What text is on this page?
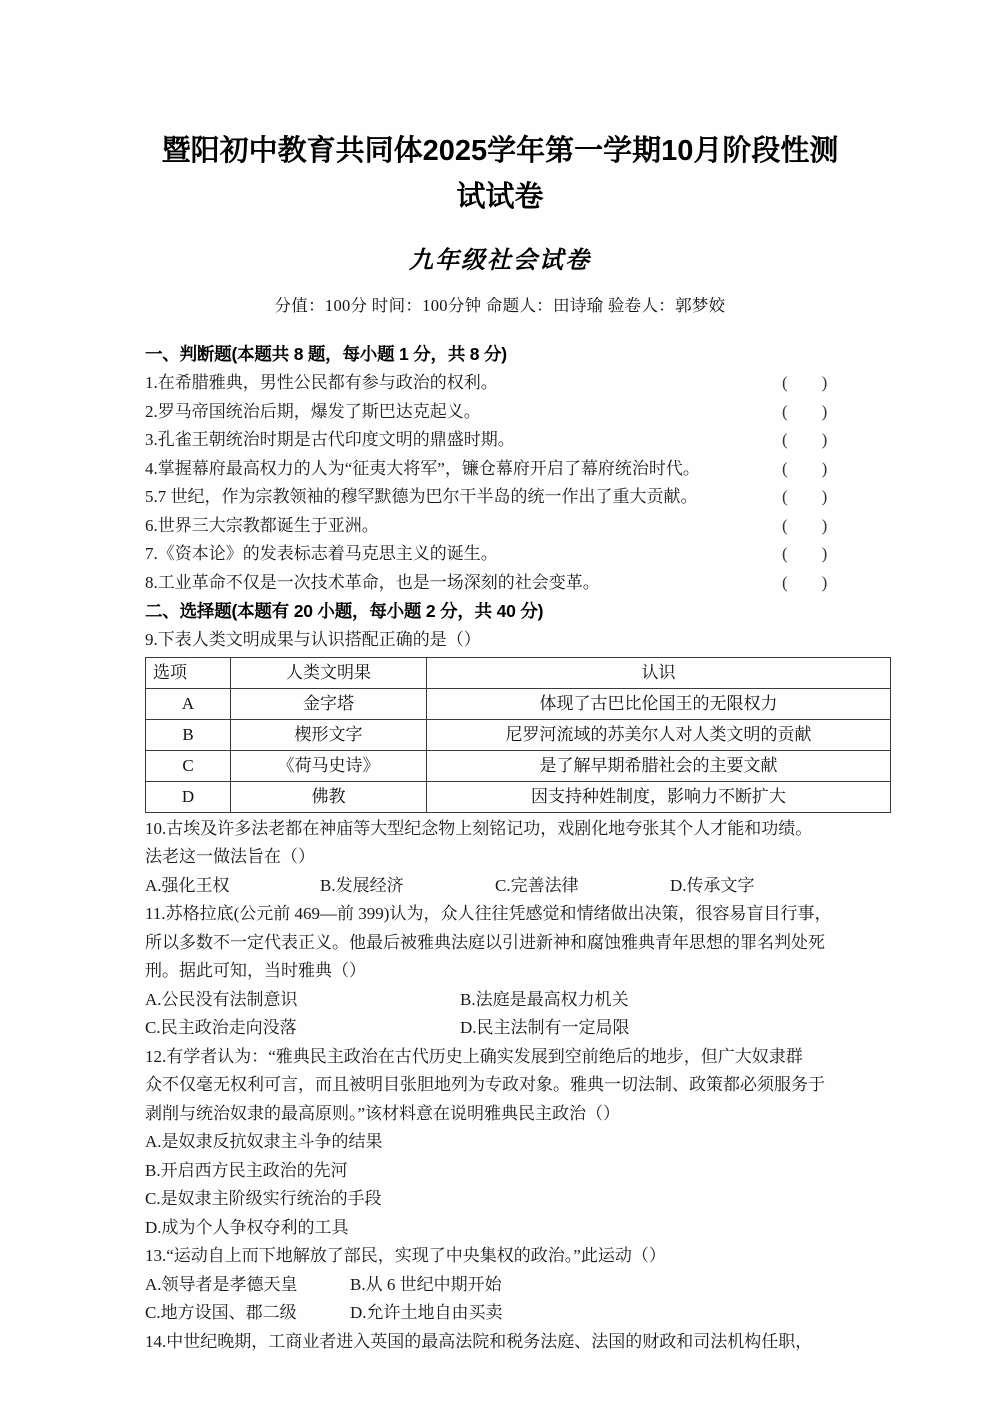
暨阳初中教育共同体2025学年第一学期10月阶段性测试试卷
九年级社会试卷

分值：100分 时间：100分钟 命题人：田诗瑜 验卷人：郭梦姣

一、判断题(本题共 8 题，每小题 1 分，共 8 分)
1.在希腊雅典，男性公民都有参与政治的权利。	( )
2.罗马帝国统治后期，爆发了斯巴达克起义。	( )
3.孔雀王朝统治时期是古代印度文明的鼎盛时期。	( )
4.掌握幕府最高权力的人为“征夷大将军”，镰仓幕府开启了幕府统治时代。	( )
5.7 世纪，作为宗教领袖的穆罕默德为巴尔干半岛的统一作出了重大贡献。	( )
6.世界三大宗教都诞生于亚洲。	( )
7.《资本论》的发表标志着马克思主义的诞生。	( )
8.工业革命不仅是一次技术革命，也是一场深刻的社会变革。	( )
二、选择题(本题有 20 小题，每小题 2 分，共 40 分)

9.下表人类文明成果与认识搭配正确的是（）

选项	人类文明果	认识
A	金字塔	体现了古巴比伦国王的无限权力
B	楔形文字	尼罗河流域的苏美尔人对人类文明的贡献
C	《荷马史诗》	是了解早期希腊社会的主要文献
D	佛教	因支持种姓制度，影响力不断扩大

10.古埃及许多法老都在神庙等大型纪念物上刻铭记功，戏剧化地夸张其个人才能和功绩。

法老这一做法旨在（）

A.强化王权	B.发展经济	C.完善法律	D.传承文字

11.苏格拉底(公元前 469—前 399)认为，众人往往凭感觉和情绪做出决策，很容易盲目行事，

所以多数不一定代表正义。他最后被雅典法庭以引进新神和腐蚀雅典青年思想的罪名判处死

刑。据此可知，当时雅典（）

A.公民没有法制意识	B.法庭是最高权力机关
C.民主政治走向没落	D.民主法制有一定局限

12.有学者认为：“雅典民主政治在古代历史上确实发展到空前绝后的地步，但广大奴隶群

众不仅毫无权利可言，而且被明目张胆地列为专政对象。雅典一切法制、政策都必须服务于

剥削与统治奴隶的最高原则。”该材料意在说明雅典民主政治（）

A.是奴隶反抗奴隶主斗争的结果
B.开启西方民主政治的先河
C.是奴隶主阶级实行统治的手段
D.成为个人争权夺利的工具

13.“运动自上而下地解放了部民，实现了中央集权的政治。”此运动（）

A.领导者是孝德天皇	B.从 6 世纪中期开始
C.地方设国、郡二级	D.允许土地自由买卖

14.中世纪晚期，工商业者进入英国的最高法院和税务法庭、法国的财政和司法机构任职，
